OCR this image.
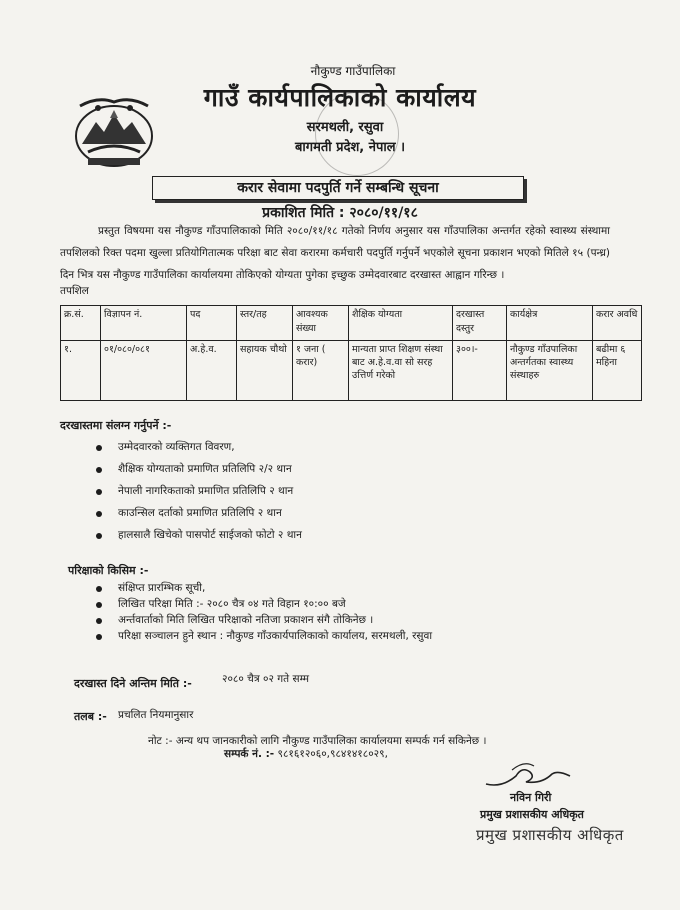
नौकुण्ड गाउँपालिका
गाउँ कार्यपालिकाको कार्यालय
सरमथली, रसुवा
बागमती प्रदेश, नेपाल ।
करार सेवामा पदपुर्ति गर्ने सम्बन्धि सूचना
प्रकाशित मिति : २०८०/११/१८
प्रस्तुत विषयमा यस नौकुण्ड गाँउपालिकाको मिति २०८०/११/१८ गतेको निर्णय अनुसार यस गाँउपालिका अन्तर्गत रहेको स्वास्थ्य संस्थामा तपशिलको रिक्त पदमा खुल्ला प्रतियोगितात्मक परिक्षा बाट सेवा करारमा कर्मचारी पदपुर्ति गर्नुपर्ने भएकोले सूचना प्रकाशन भएको मितिले १५ (पन्ध्र) दिन भित्र यस नौकुण्ड गाउँपालिका कार्यालयमा तोकिएको योग्यता पुगेका इच्छुक उम्मेदवारबाट दरखास्त आह्वान गरिन्छ ।
तपशिल
क्र.सं.	विज्ञापन नं.	पद	स्तर/तह	आवश्यक संख्या	शैक्षिक योग्यता	दरखास्त दस्तुर	कार्यक्षेत्र	करार अवधि
१.	०१/०८०/०८१	अ.हे.व.	सहायक चौथो	१ जना ( करार)	मान्यता प्राप्त शिक्षण संस्था बाट अ.हे.व.वा सो सरह उत्तिर्ण गरेको	३००।-	नौकुण्ड गाँउपालिका अन्तर्गतका स्वास्थ्य संस्थाहरु	बढीमा ६ महिना
दरखास्तमा संलग्न गर्नुपर्ने :-
उम्मेदवारको व्यक्तिगत विवरण,
शैक्षिक योग्यताको प्रमाणित प्रतिलिपि २/२ थान
नेपाली नागरिकताको प्रमाणित प्रतिलिपि २ थान
काउन्सिल दर्ताको प्रमाणित प्रतिलिपि २ थान
हालसालै खिचेको पासपोर्ट साईजको फोटो २ थान
परिक्षाको किसिम :-
संक्षिप्त प्रारम्भिक सूची,
लिखित परिक्षा मिति :- २०८० चैत्र ०४ गते विहान १०:०० बजे
अर्न्तवार्ताको मिति लिखित परिक्षाको नतिजा प्रकाशन संगै तोकिनेछ ।
परिक्षा सञ्चालन हुने स्थान : नौकुण्ड गाँउकार्यपालिकाको कार्यालय, सरमथली, रसुवा
दरखास्त दिने अन्तिम मिति :-	२०८० चैत्र ०२ गते सम्म
तलब :- प्रचलित नियमानुसार
नोट :- अन्य थप जानकारीको लागि नौकुण्ड गाउँपालिका कार्यालयमा सम्पर्क गर्न सकिनेछ ।
सम्पर्क नं. :- ९८१६१२०६०,९८४१४१८०२९,
नविन गिरी
प्रमुख प्रशासकीय अधिकृत
प्रमुख प्रशासकीय अधिकृत
